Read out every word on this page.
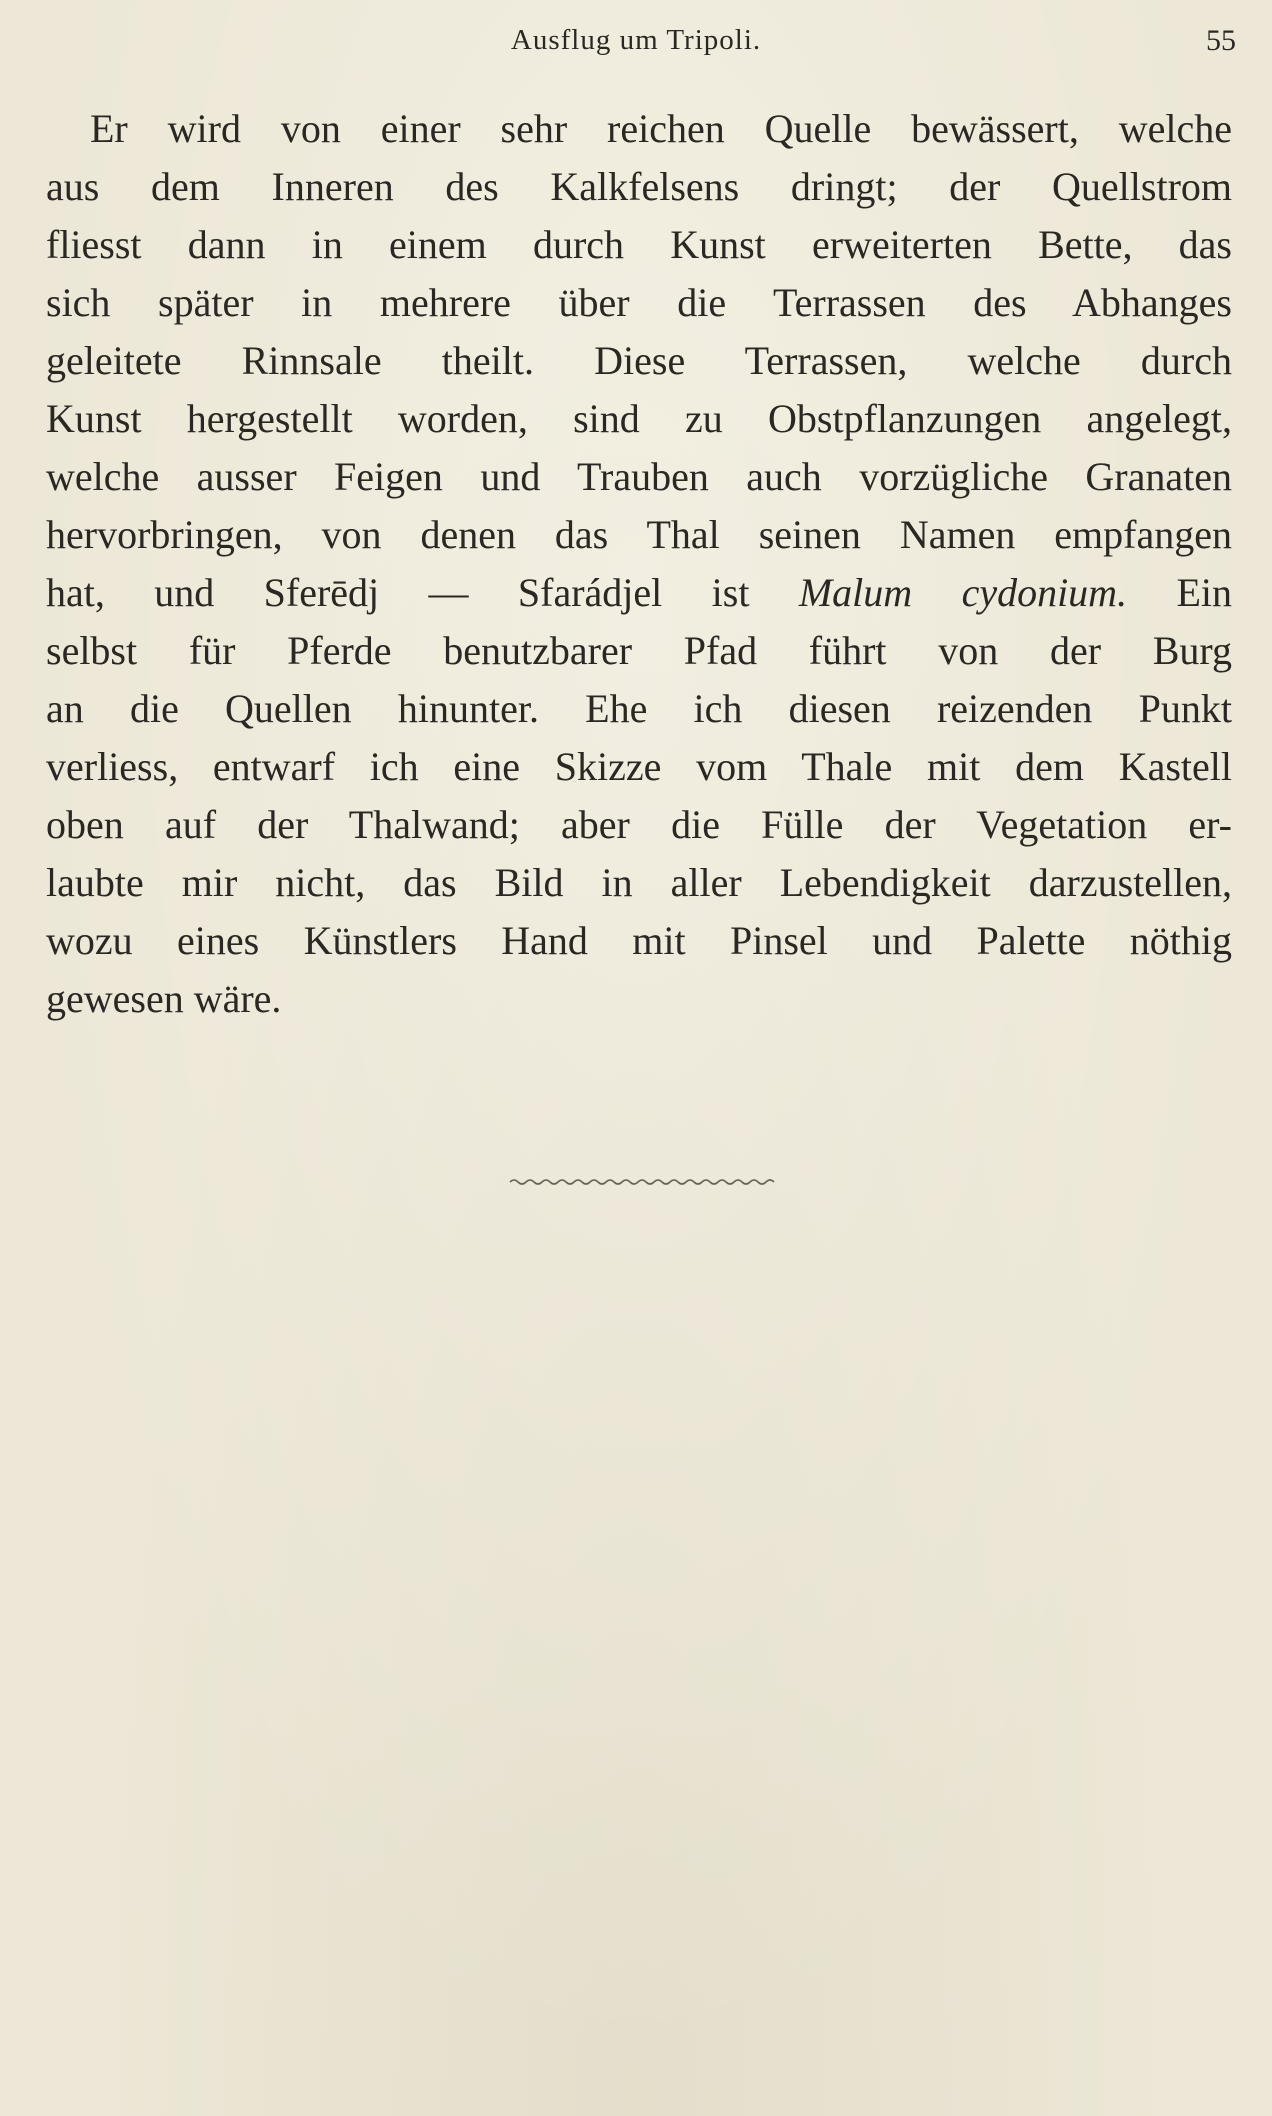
Ausflug um Tripoli.	55
Er wird von einer sehr reichen Quelle bewässert, welche
aus dem Inneren des Kalkfelsens dringt; der Quellstrom
fliesst dann in einem durch Kunst erweiterten Bette, das
sich später in mehrere über die Terrassen des Abhanges
geleitete Rinnsale theilt. Diese Terrassen, welche durch
Kunst hergestellt worden, sind zu Obstpflanzungen angelegt,
welche ausser Feigen und Trauben auch vorzügliche Granaten
hervorbringen, von denen das Thal seinen Namen empfangen
hat, und Sferēdj — Sfarádjel ist Malum cydonium. Ein
selbst für Pferde benutzbarer Pfad führt von der Burg
an die Quellen hinunter. Ehe ich diesen reizenden Punkt
verliess, entwarf ich eine Skizze vom Thale mit dem Kastell
oben auf der Thalwand; aber die Fülle der Vegetation er-
laubte mir nicht, das Bild in aller Lebendigkeit darzustellen,
wozu eines Künstlers Hand mit Pinsel und Palette nöthig
gewesen wäre.
